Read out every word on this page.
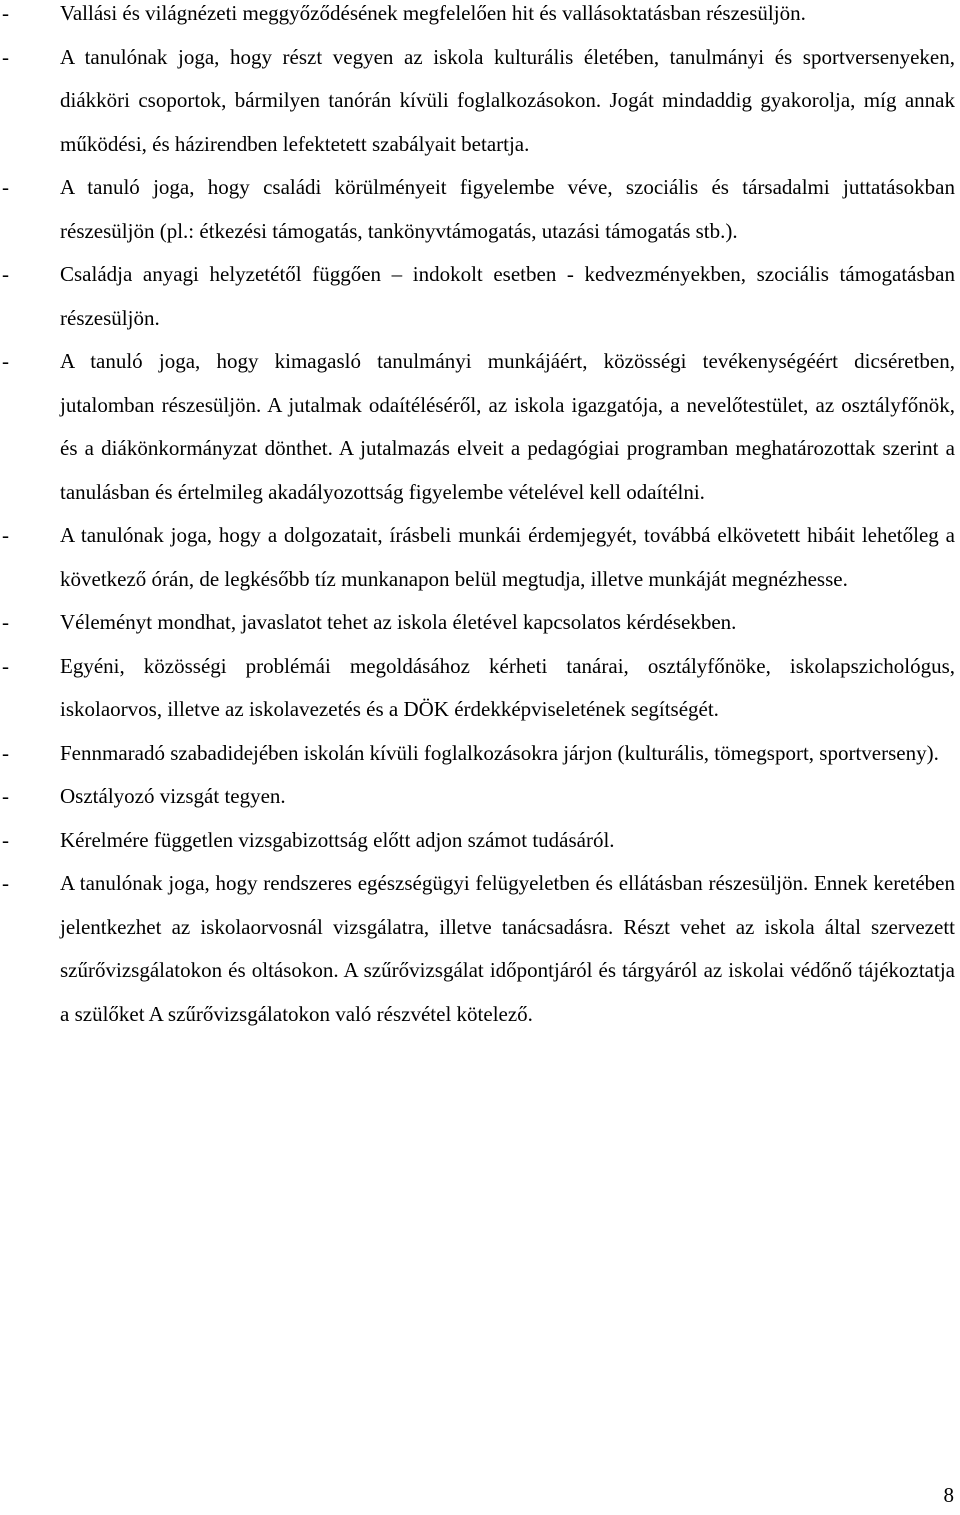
- Vallási és világnézeti meggyőződésének megfelelően hit és vallásoktatásban részesüljön.
- A tanulónak joga, hogy részt vegyen az iskola kulturális életében, tanulmányi és sportversenyeken, diákköri csoportok, bármilyen tanórán kívüli foglalkozásokon. Jogát mindaddig gyakorolja, míg annak működési, és házirendben lefektetett szabályait betartja.
- A tanuló joga, hogy családi körülményeit figyelembe véve, szociális és társadalmi juttatásokban részesüljön (pl.: étkezési támogatás, tankönyvtámogatás, utazási támogatás stb.).
- Családja anyagi helyzetétől függően – indokolt esetben - kedvezményekben, szociális támogatásban részesüljön.
- A tanuló joga, hogy kimagasló tanulmányi munkájáért, közösségi tevékenységéért dicséretben, jutalomban részesüljön. A jutalmak odaítéléséről, az iskola igazgatója, a nevelőtestület, az osztályfőnök, és a diákönkormányzat dönthet. A jutalmazás elveit a pedagógiai programban meghatározottak szerint a tanulásban és értelmileg akadályozottság figyelembe vételével kell odaítélni.
- A tanulónak joga, hogy a dolgozatait, írásbeli munkái érdemjegyét, továbbá elkövetett hibáit lehetőleg a következő órán, de legkésőbb tíz munkanapon belül megtudja, illetve munkáját megnézhesse.
- Véleményt mondhat, javaslatot tehet az iskola életével kapcsolatos kérdésekben.
- Egyéni, közösségi problémái megoldásához kérheti tanárai, osztályfőnöke, iskolapszichológus, iskolaorvos, illetve az iskolavezetés és a DÖK érdekképviseletének segítségét.
- Fennmaradó szabadidejében iskolán kívüli foglalkozásokra járjon (kulturális, tömegsport, sportverseny).
- Osztályozó vizsgát tegyen.
- Kérelmére független vizsgabizottság előtt adjon számot tudásáról.
- A tanulónak joga, hogy rendszeres egészségügyi felügyeletben és ellátásban részesüljön. Ennek keretében jelentkezhet az iskolaorvosnál vizsgálatra, illetve tanácsadásra. Részt vehet az iskola által szervezett szűrővizsgálatokon és oltásokon. A szűrővizsgálat időpontjáról és tárgyáról az iskolai védőnő tájékoztatja a szülőket A szűrővizsgálatokon való részvétel kötelező.
8
